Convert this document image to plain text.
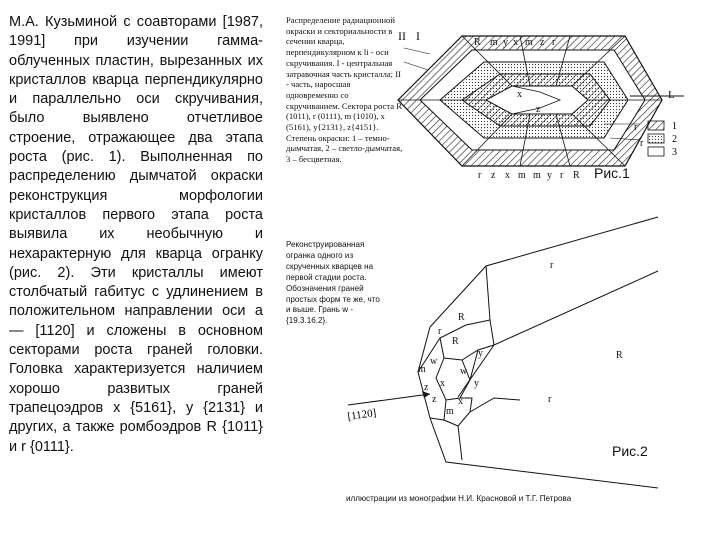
М.А. Кузьминой с соавторами [1987, 1991] при изучении гамма-облученных пластин, вырезанных их кристаллов кварца перпендикулярно и параллельно оси скручивания, было выявлено отчетливое строение, отражающее два этапа роста (рис. 1). Выполненная по распределению дымчатой окраски реконструкция морфологии кристаллов первого этапа роста выявила их необычную и нехарактерную для кварца огранку (рис. 2). Эти кристаллы имеют столбчатый габитус с удлинением в положительном направлении оси a — [1120] и сложены в основном секторами роста граней головки. Головка характеризуется наличием хорошо развитых граней трапецоэдров x {5161}, y {2131} и других, а также ромбоэдров R {1011} и r {0111}.

Распределение радиационной окраски и секториальности в сечении кварца, перпендикулярном к li - оси скручивания. I - центральная затравочная часть кристалла; II - часть, наросшая одновременно со скручиванием. Сектора роста R (1011), r (0111), m (1010), x (5161), y{2131}, z{4151}. Степень окраски: 1 – темно-дымчатая, 2 – светло-дымчатая, 3 – бесцветная.

II I	R m y x m z r
r z x m m y r R
L
r
r
x
z
1
2
3
[1120]
r
R
R
r
r
R
w
w
y
m
x
z	y
x
m
z
Рис.1

Реконструированная огранка одного из скрученных кварцев на первой стадии роста. Обозначения граней простых форм те же, что и выше. Грань w - {19.3.16.2}.

Рис.2
иллюстрации из монографии Н.И. Красновой и Т.Г. Петрова
